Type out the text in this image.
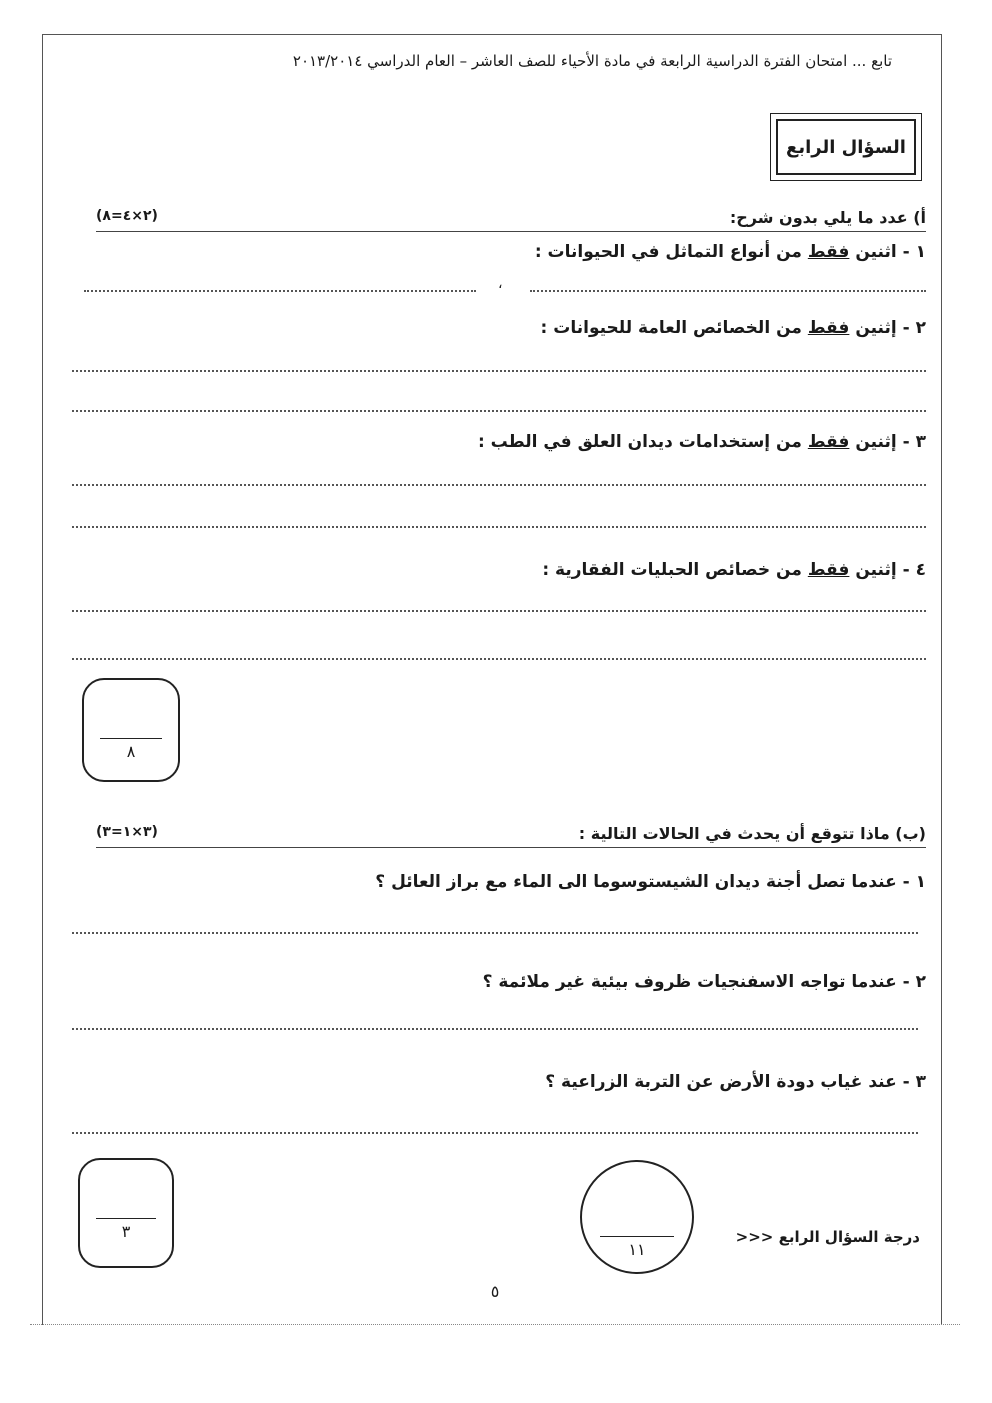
تابع ... امتحان الفترة الدراسية الرابعة في مادة الأحياء للصف العاشر – العام الدراسي ٢٠١٣/٢٠١٤
السؤال الرابع
أ) عدد ما يلي بدون شرح:
(٢×٤=٨)
١ - اثنين فقط من أنواع التماثل في الحيوانات :
،
٢ - إثنين فقط من الخصائص العامة للحيوانات :
٣ - إثنين فقط من إستخدامات ديدان العلق في الطب :
٤ - إثنين فقط من خصائص الحبليات الفقارية :
٨
(ب) ماذا تتوقع أن يحدث في الحالات التالية :
(٣×١=٣)
١ - عندما تصل أجنة ديدان الشيستوسوما الى الماء مع براز العائل ؟
٢ - عندما تواجه الاسفنجيات ظروف بيئية غير ملائمة ؟
٣ - عند غياب دودة الأرض عن التربة الزراعية ؟
٣
١١
درجة السؤال الرابع <<<
٥
